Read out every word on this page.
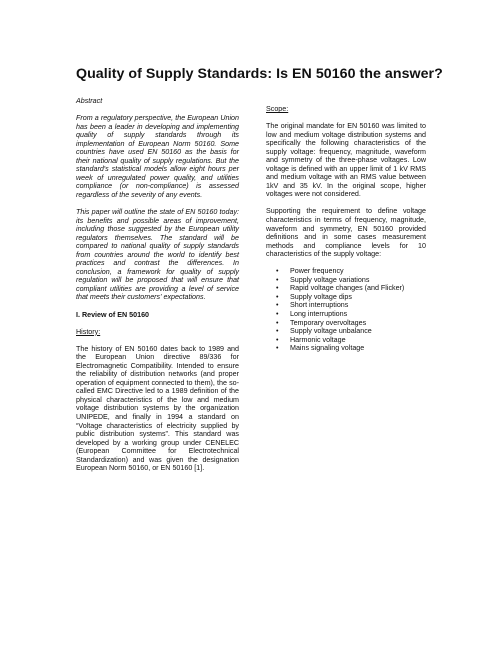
Quality of Supply Standards: Is EN 50160 the answer?

Abstract

From a regulatory perspective, the European Union has been a leader in developing and implementing quality of supply standards through its implementation of European Norm 50160. Some countries have used EN 50160 as the basis for their national quality of supply regulations. But the standard's statistical models allow eight hours per week of unregulated power quality, and utilities compliance (or non-compliance) is assessed regardless of the severity of any events.

This paper will outline the state of EN 50160 today: its benefits and possible areas of improvement, including those suggested by the European utility regulators themselves. The standard will be compared to national quality of supply standards from countries around the world to identify best practices and contrast the differences. In conclusion, a framework for quality of supply regulation will be proposed that will ensure that compliant utilities are providing a level of service that meets their customers' expectations.

I. Review of EN 50160

History:

The history of EN 50160 dates back to 1989 and the European Union directive 89/336 for Electromagnetic Compatibility. Intended to ensure the reliability of distribution networks (and proper operation of equipment connected to them), the so-called EMC Directive led to a 1989 definition of the physical characteristics of the low and medium voltage distribution systems by the organization UNIPEDE, and finally in 1994 a standard on “Voltage characteristics of electricity supplied by public distribution systems”. This standard was developed by a working group under CENELEC (European Committee for Electrotechnical Standardization) and was given the designation European Norm 50160, or EN 50160 [1].

Scope:

The original mandate for EN 50160 was limited to low and medium voltage distribution systems and specifically the following characteristics of the supply voltage: frequency, magnitude, waveform and symmetry of the three-phase voltages. Low voltage is defined with an upper limit of 1 kV RMS and medium voltage with an RMS value between 1kV and 35 kV. In the original scope, higher voltages were not considered.

Supporting the requirement to define voltage characteristics in terms of frequency, magnitude, waveform and symmetry, EN 50160 provided definitions and in some cases measurement methods and compliance levels for 10 characteristics of the supply voltage:

• Power frequency
• Supply voltage variations
• Rapid voltage changes (and Flicker)
• Supply voltage dips
• Short interruptions
• Long interruptions
• Temporary overvoltages
• Supply voltage unbalance
• Harmonic voltage
• Mains signaling voltage
